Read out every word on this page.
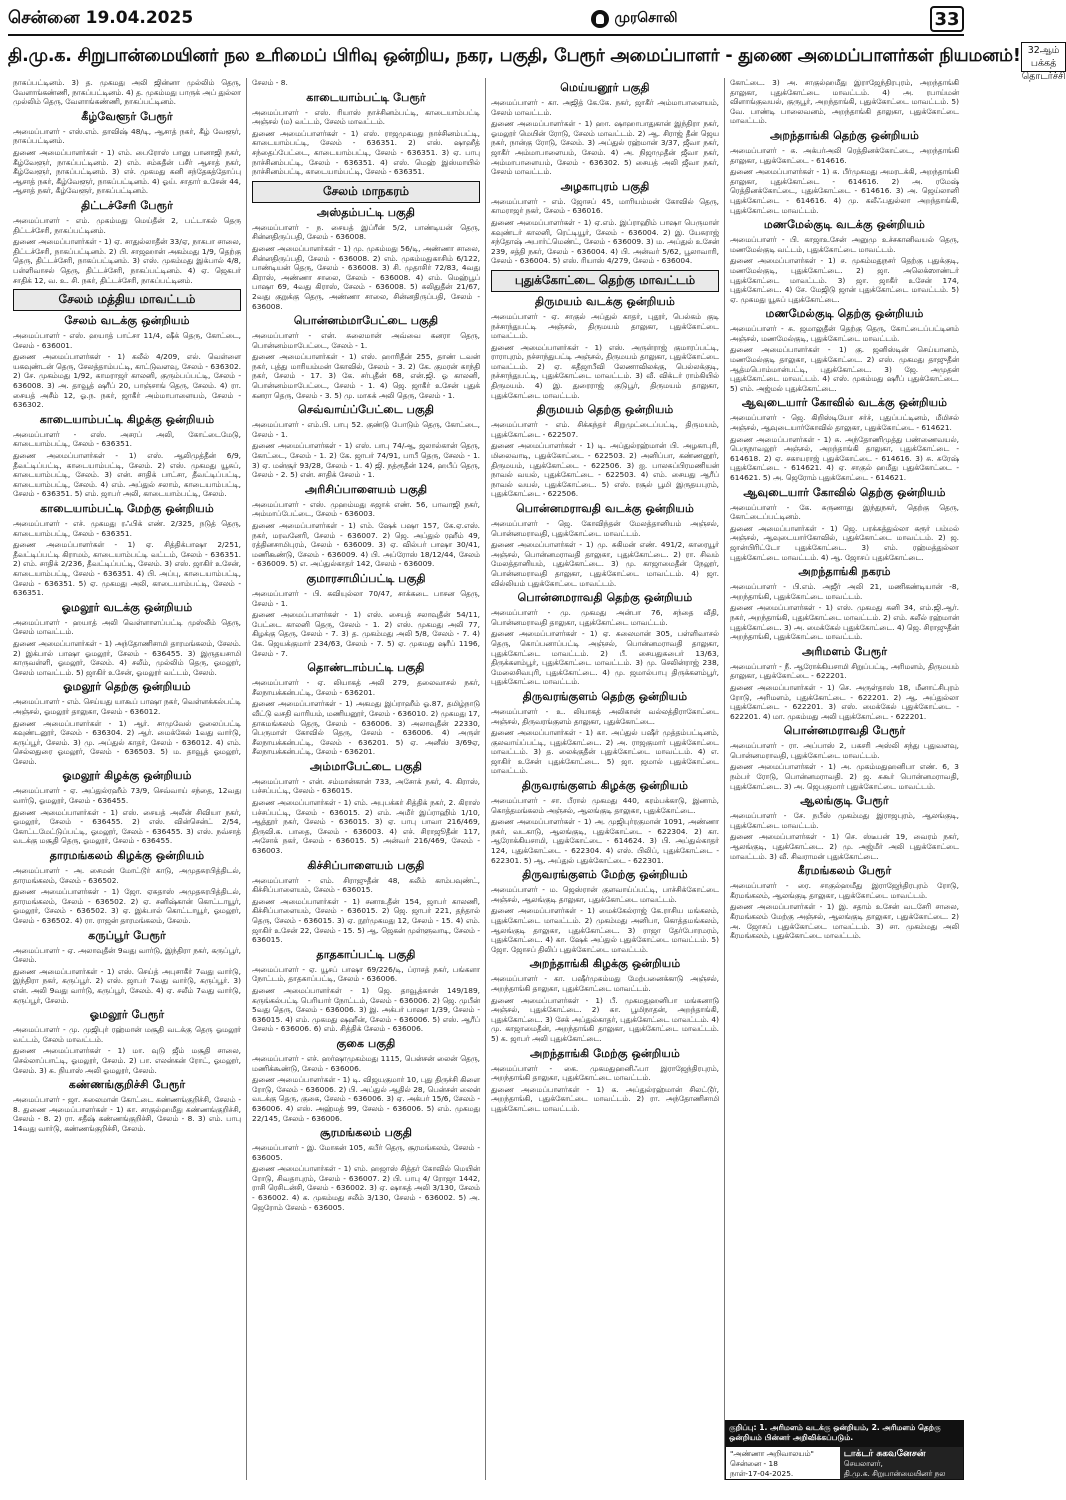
சென்னை 19.04.2025	முரசொலி	33
தி.மு.க. சிறுபான்மையினர் நல உரிமைப் பிரிவு ஒன்றிய, நகர, பகுதி, பேரூர் அமைப்பாளர் - துணை அமைப்பாளர்கள் நியமனம்! 32ஆம் பக்கத் தொடர்ச்சி
நாகப்பட்டினம். 3) த. முகமது அலி ஜின்னா முல்லிம் தெரு, வேளாங்கண்ணி, நாகப்பட்டினம். 4) த. முகம்மது பாருக் அப் துல்லா முல்லிம் தெரு, வேளாங்கண்ணி, நாகப்பட்டினம்.
கீழ்வேளூர் பேரூர்
அமைப்பாளர் - எஸ்.எம். தாவிஷ் 48/டி, ஆசாத் நகர், கீழ் வேளூர், நாகப்பட்டினம்.
துணை அமைப்பாளர்கள் - 1) எம். பைரோஸ் பானு பானாஜி நகர், கீழ்வேளூர், நாகப்பட்டினம். 2) எம். சம்சுதீன் பசீர் ஆசாத் நகர், கீழ்வேளூர், நாகப்பட்டினம். 3) எச். முகமது கனி சந்தேகத்தோப்பு ஆசாத் நகர், கீழ்வேளூர், நாகப்பட்டினம். 4) ஓய். சாதார் உசேன் 44, ஆசாத் நகர், கீழ்வேளூர், நாகப்பட்டினம்.
திட்டச்சேரி பேரூர்
அமைப்பாளர் - எம். முகம்மது மெய்தீன் 2, பட்டாகல் தெரு திட்டச்சேரி, நாகப்பட்டினம்.
துணை அமைப்பாளர்கள் - 1) ஏ. சாதுல்லாதீன் 33/ஏ, நாகபா சாலை, திட்டச்சேரி, நாகப்பட்டினம். 2) பி. சாஜஹான் அகம்மது 1/9, தெற்கு தெரு, திட்டச்சேரி, நாகப்பட்டினம். 3) எஸ். முகம்மது இக்பால் 4/8, பள்ளிவாசல் தெரு, திட்டச்சேரி, நாகப்பட்டினம். 4) ஏ. ஜெகபர் சாதிக் 12, வ. உ. சி. நகர், திட்டச்சேரி, நாகப்பட்டினம்.
சேலம் மத்திய மாவட்டம்
சேலம் வடக்கு ஒன்றியம்
அமைப்பாளர் - எஸ். ஹயாத் பாட்சா 11/4, ஷீக் தெரு, கோட்டை, சேலம் - 636001.
துணை அமைப்பாளர்கள் - 1) கலீல் 4/209, எல். வெள்ளை யகவுண்டன் தெரு, சேலத்தாம்பட்டி, காட்டுவளவு, சேலம் - 636302. 2) சே. முகம்மது 1/92, காமராஜர் காலனி, குரும்பப்பட்டி, சேலம் - 636008. 3) அ. தாவூத் ஷரீப் 20, பாஞ்சாங் தெரு, சேலம். 4) ரா. சையத் அசீம் 12, ஓ.ந. நகர், ஜாகீர் அம்மாபாளையம், சேலம் - 636302.
காடையாம்பட்டி கிழக்கு ஒன்றியம்
அமைப்பாளர் - எஸ். அசரப் அலி, கோட்டைமேடு, காடையாம்பட்டி, சேலம் - 636351.
துணை அமைப்பாளர்கள் - 1) எஸ். ஆலிமுத்தீன் 6/9, தீவட்டிப்பட்டி, காடையாம்பட்டி, சேலம். 2) எஸ். முகமது யூசுப், காடையாம்பட்டி, சேலம். 3) என். சாதிக் பாட்சா, தீவட்டிப்பட்டி, காடையாம்பட்டி, சேலம். 4) எம். அப்துல் சலாம், காடையாம்பட்டி, சேலம் - 636351. 5) எம். ஜாபர் அலி, காடையாம்பட்டி, சேலம்.
காடையாம்பட்டி மேற்கு ஒன்றியம்
அமைப்பாளர் - எச். முகமது ரஃபிக் எண். 2/325, நடுத் தெரு, காடையாம்பட்டி, சேலம் - 636351.
துணை அமைப்பாளர்கள் - 1) ஏ. சித்திக்பாஷா 2/251, தீவட்டிப்பட்டி கிராமம், காடையாம்பட்டி வட்டம், சேலம் - 636351. 2) எம். சாதிக் 2/236, தீவட்டிப்பட்டி, சேலம். 3) எஸ். ஜாகிர் உசேன், காடையாம்பட்டி, சேலம் - 636351. 4) பி. அப்பு, காடையாம்பட்டி, சேலம் - 636351. 5) ஏ. முகமது அலி, காடையாம்பட்டி, சேலம் - 636351.
ஓமலூர் வடக்கு ஒன்றியம்
அமைப்பாளர் - ஹயாத் அலி வெள்ளாளப்பட்டி முஸ்லீம் தெரு, சேலம் மாவட்டம்.
துணை அமைப்பாளர்கள் - 1) அந்தோணிசாமி தாரமங்கலம், சேலம். 2) இக்பால் பாஷா ஓமலூர், சேலம் - 636455. 3) இருதயசாமி காருவள்ளி, ஓமலூர், சேலம். 4) சலீம், முல்லிம் தெரு, ஓமலூர், சேலம் மாவட்டம். 5) ஜாகிர் உசேன், ஓமலூர் வட்டம், சேலம்.
ஓமலூர் தெற்கு ஒன்றியம்
அமைப்பாளர் - எம். செய்யது யாகூப் பாஷா நகர், வெள்ளக்கல்பட்டி அஞ்சல், ஓமலூர் தாலுகா, சேலம் - 636012.
துணை அமைப்பாளர்கள் - 1) ஆர். சாமுவேல் ஓலைப்பட்டி கவுண்டனூர், சேலம் - 636304. 2) ஆர். மைக்கேல் 1வது வார்டு, கருப்பூர், சேலம். 3) மு. அப்துல் காதர், சேலம் - 636012. 4) எம். செல்லதுரை ஓமலூர், சேலம் - 636503. 5) ம. தாவூத் ஓமலூர், சேலம்.
ஓமலூர் கிழக்கு ஒன்றியம்
அமைப்பாளர் - ஏ. அப்துல்ரஹீம் 73/9, செவ்வாய் சந்தை, 12வது வார்டு, ஓமலூர், சேலம் - 636455.
துணை அமைப்பாளர்கள் - 1) எஸ். சையத் அலீன் சிவியா நகர், ஓமலூர், சேலம் - 636455. 2) எஸ். வின்சென்ட் 2/54, கோட்டமேட்டுப்பட்டி, ஓமலூர், சேலம் - 636455. 3) எஸ். நவ்சாத் வடக்கு மசூதி தெரு, ஓமலூர், சேலம் - 636455.
தாரமங்கலம் கிழக்கு ஒன்றியம்
அமைப்பாளர் - அ. சைமன் மோட்டூர் காடு, அமுதசுரபித்திடல், தாரமங்கலம், சேலம் - 636502.
துணை அமைப்பாளர்கள் - 1) ஜோ. ஏசுதாஸ் அமுதசுரபித்திடல், தாரமங்கலம், சேலம் - 636502. 2) ஏ. சனிஷ்கான் கொட்டாயூர், ஓமலூர், சேலம் - 636502. 3) ஏ. இக்பால் கொட்டாயூர், ஓமலூர், சேலம் - 636502. 4) ரா. ராஜன் தாரமங்கலம், சேலம்.
கருப்பூர் பேரூர்
அமைப்பாளர் - ஏ. அலாவுதீன் 9வது வார்டு, இந்திரா நகர், கருப்பூர், சேலம்.
துணை அமைப்பாளர்கள் - 1) எஸ். செய்த் அபுசாகீர் 7வது வார்டு, இந்திரா நகர், கருப்பூர். 2) எஸ். ஜாபர் 7வது வார்டு, கருப்பூர். 3) என். அலி 9வது வார்டு, கருப்பூர், சேலம். 4) ஏ. சலீம் 7வது வார்டு, கருப்பூர், சேலம்.
ஓமலூர் பேரூர்
அமைப்பாளர் - மு. முஜிபுர் ரஹ்மான் மசூதி வடக்கு தெரு ஓமலூர் வட்டம், சேலம் மாவட்டம்.
துணை அமைப்பாளர்கள் - 1) மா. வுடு ஜீம் மசூதி சாலை, செல்லாப்பாட்டி, ஓமலூர், சேலம். 2) பா. எலன்கன் ரோட், ஓமலூர், சேலம். 3) சு. நியாஸ் அலி ஓமலூர், சேலம்.
கண்ணங்குறிச்சி பேரூர்
அமைப்பாளர் - ஜா. சுலைமான் கோட்டை கண்ணங்குறிச்சி, சேலம் - 8. துணை அமைப்பாளர்கள் - 1) கா. சாகுல்ஹமீது கண்ணங்குறிச்சி, சேலம் - 8. 2) ரா. சதீஷ் கண்ணங்குறிச்சி, சேலம் - 8. 3) எம். பாபு 14வது வார்டு, கண்ணங்குறிச்சி, சேலம்.
சேலம் - 8.
காடையாம்பட்டி பேரூர்
அமைப்பாளர் - எஸ். ரியாஸ் நாச்சினம்பட்டி, காடையாம்பட்டி அஞ்சல் (ம) வட்டம், சேலம் மாவட்டம்.
துணை அமைப்பாளர்கள் - 1) எஸ். ராஜமுகமது நாச்சினம்பட்டி, காடையாம்பட்டி, சேலம் - 636351. 2) எஸ். ஷாஹீத் சந்தைப்பேட்டை, காடையாம்பட்டி, சேலம் - 636351. 3) ஏ. பாபு நாச்சினம்பட்டி, சேலம் - 636351. 4) எஸ். மெஹ் இஸ்மாயில் நாச்சினம்பட்டி, காடையாம்பட்டி, சேலம் - 636351.
சேலம் மாநகரம்
அஸ்தம்பட்டி பகுதி
அமைப்பாளர் - ந. சையத் இப்ரீன் 5/2, பாண்டியன் தெரு, சின்னதிருப்பதி, சேலம் - 636008.
துணை அமைப்பாளர்கள் - 1) மு. முகம்மது 56/டி, அண்ணா சாலை, சின்னதிருப்பதி, சேலம் - 636008. 2) எம். முகம்மதுகாசிம் 6/122, பாண்டியன் தெரு, சேலம் - 636008. 3) சி. முதாசிர் 72/83, 4வது கிராஸ், அண்ணா சாலை, சேலம் - 636008. 4) எம். மெஹ்பூப் பாஷா 69, 4வது கிராஸ், சேலம் - 636008. 5) சுலிதுதீன் 21/67, 2வது குறுக்கு தெரு, அண்ணா சாலை, சின்னதிருப்பதி, சேலம் - 636008.
பொன்னம்மாபேட்டை பகுதி
அமைப்பாளர் - என். சுலைமான் அவ்வை கனரா தெரு, பொன்னம்மாபேட்டை, சேலம் - 1.
துணை அமைப்பாளர்கள் - 1) எஸ். ஹாரிதீன் 255, தாண் டவன் நகர், புத்து மாரியம்மன் கோவில், சேலம் - 3. 2) கே. குமரன் காந்தி நகர், சேலம் - 17. 3) கே. சர்புதீன் 68, என்.ஜி. ஓ காலனி, பொன்னம்மாபேட்டை, சேலம் - 1. 4) ஜெ. ஜாகீர் உசேன் புதுக் கனரா தெரு, சேலம் - 3. 5) மு. மாசுக் அலி தெரு, சேலம் - 1.
செவ்வாய்ப்பேட்டை பகுதி
அமைப்பாளர் - எம்.பி. பாபு 52. குண்டு போடும் தெரு, கோட்டை, சேலம் - 1.
துணை அமைப்பாளர்கள் - 1) எஸ். பாபு 74/ஆ, ஜலால்கான் தெரு, கோட்டை, சேலம் - 1. 2) கே. ஜாபர் 74/91, பாபீ தெரு, சேலம் - 1. 3) ஏ. மன்சூர் 93/28, சேலம் - 1. 4) ஜி. நத்ரூதீன் 124, ஹபீப் தெரு, சேலம் - 2. 5) என். சாதிக் சேலம் - 1.
அரிசிப்பாளையம் பகுதி
அமைப்பாளர் - எஸ். முஹம்மது சுஜாக் எண். 56, பாவாஜி நகர், அம்மாப்பேட்டை, சேலம் - 636003.
துணை அமைப்பாளர்கள் - 1) எம். ஷேக் பஷா 157, கே.ஏ.எஸ். நகர், மரவனேரி, சேலம் - 636007. 2) ஜெ. அப்துல் ரஹீம் 49, ரத்தினசாமிபுரம், சேலம் - 636009. 3) ஏ. வில்பர் பாஷா 30/41, மணிகூண்டு, சேலம் - 636009. 4) பி. அப்ரோஸ் 18/12/44, சேலம் - 636009. 5) எ. அப்துல்காதர் 142, சேலம் - 636009.
குமாரசாமிப்பட்டி பகுதி
அமைப்பாளர் - பி. கவியுல்லா 70/47, சாக்கடை பாசன தெரு, சேலம் - 1.
துணை அமைப்பாளர்கள் - 1) எஸ். சையத் சலாவுதீன் 54/11, பேட்டை காலனி தெரு, சேலம் - 1. 2) எஸ். முகமது அலி 77, கிழக்கு தெரு, சேலம் - 7. 3) த. முகம்மது அலி 5/8, சேலம் - 7. 4) கே. ஜெயக்குமார் 234/63, சேலம் - 7. 5) ஏ. முகமது ஷரீப் 1196, சேலம் - 7.
தொண்டாம்பட்டி பகுதி
அமைப்பாளர் - ஏ. லியாகத் அலி 279, தலைவாசல் நகர், சீலநாயக்கன்பட்டி, சேலம் - 636201.
துணை அமைப்பாளர்கள் - 1) அகமது இப்ராஹீம் ஓ.87, தமிழ்நாடு வீட்டு வசதி வாரியம், மணியனூர், சேலம் - 636010. 2) முகமது 17, தாகமங்கலம் தெரு, சேலம் - 636006. 3) அலாவுதீன் 22330, பெருமாள் கோவில் தெரு, சேலம் - 636006. 4) அருள் சீலநாயக்கன்பட்டி, சேலம் - 636201. 5) ஏ. அனீஸ் 3/69ஏ, சீலநாயக்கன்பட்டி, சேலம் - 636201.
அம்மாபேட்டை பகுதி
அமைப்பாளர் - என். சம்மான்கான் 733, அசோக் நகர், 4. கிராஸ், பச்சப்பட்டி, சேலம் - 636015.
துணை அமைப்பாளர்கள் - 1) எம். அபுபக்கர் சித்திக் நகர், 2. கிராஸ் பச்சப்பட்டி, சேலம் - 636015. 2) எம். அமீர் இப்ராஹிம் 1/10, ஆத்தூர் நகர், சேலம் - 636015. 3) ஏ. பாபு பாவா 216/469, திருவி.க. பாதை, சேலம் - 636003. 4) எச். சிராஜூதீன் 117, அசோக் நகர், சேலம் - 636015. 5) அன்வர் 216/469, சேலம் - 636003.
கிச்சிப்பாளையம் பகுதி
அமைப்பாளர் - எம். சிராஜுதீன் 48, கலீம் காம்பவுண்ட், கிச்சிப்பாளையம், சேலம் - 636015.
துணை அமைப்பாளர்கள் - 1) சனாஉதீன் 154, ஜாபர் காலணி, கிச்சிப்பாளையம், சேலம் - 636015. 2) ஜெ. ஜாபர் 221, தந்தால் தெரு, சேலம் - 636015. 3) ஏ. நூர்முகமது 12, சேலம் - 15. 4) எம். ஜாகிர் உசேன் 22, சேலம் - 15. 5) ஆ. ஜெகன் முள்ளுவாடி, சேலம் - 636015.
தாதகாப்பட்டி பகுதி
அமைப்பாளர் - ஏ. யூசப் பாஷா 69/226/டி, ப்ராசத் நகர், பங்களா நோட்டம், தாதகாப்பட்டி, சேலம் - 636006.
துணை அமைப்பாளர்கள் - 1) ஜெ. தாவூத்கான் 149/189, கருங்கல்பட்டி பெரியார் நோட்டம், சேலம் - 636006. 2) ஜெ. முபீன் 5வது தெரு, சேலம் - 636006. 3) இ. அக்பர் பாஷா 1/39, சேலம் - 636015. 4) எம். முகமது ஷஹீன், சேலம் - 636006. 5) எஸ். ஆரீப் சேலம் - 636006. 6) எம். சித்திக் சேலம் - 636006.
குகை பகுதி
அமைப்பாளர் - எச். ஹர்ஷாமுகம்மது 1115, பென்சன் லைன் தெரு, மணிக்கூண்டு, சேலம் - 636006.
துணை அமைப்பாளர்கள் - 1) டி. விஜயகுமார் 10, புது திருச்சி கிளை ரோடு, சேலம் - 636006. 2) பி. அப்துல் ஆதில் 28, பென்சன் லைன் வடக்கு தெரு, குகை, சேலம் - 636006. 3) ஏ. அக்பர் 15/6, சேலம் - 636006. 4) எஸ். அஹ்மத் 99, சேலம் - 636006. 5) எம். முகமது 22/145, சேலம் - 636006.
சூரமங்கலம் பகுதி
அமைப்பாளர் - இ. மோகன் 105, கபீர் தெரு, சூரமங்கலம், சேலம் - 636005.
துணை அமைப்பாளர்கள் - 1) எம். ஹஜாஸ் சித்தர் கோவில் மெயின் ரோடு, சிவதாபுரம், சேலம் - 636007. 2) பி. பாபு 4/ ரோஜா 1442, ராசி ரெசிடன்சி, சேலம் - 636002. 3) ஏ. ஷாகத் அலி 3/130, சேலம் - 636002. 4) க. முகம்மது சலீம் 3/130, சேலம் - 636002. 5) அ. ஜெரோம் சேலம் - 636005.
மெய்யனூர் பகுதி
அமைப்பாளர் - கா. அஜித் கே.கே. நகர், ஜாகீர் அம்மாபாளையம், சேலம் மாவட்டம்.
துணை அமைப்பாளர்கள் - 1) ஹா. ஷாஹாபாதுகான் இந்திரா நகர், ஓமலூர் மெயின் ரோடு, சேலம் மாவட்டம். 2) ஆ. சிராஜ் தீன் ஜெய நகர், நான்கு ரோடு, சேலம். 3) அப்துல் ரஹ்மான் 3/37, ஜீவா நகர், ஜாகீர் அம்மாபாளையம், சேலம். 4) அ. நிஜாமுதீன் ஜீவா நகர், அம்மாபாளையம், சேலம் - 636302. 5) சையத் அலி ஜீவா நகர், சேலம் மாவட்டம்.
அழகாபுரம் பகுதி
அமைப்பாளர் - எம். ஜோசப் 45, மாரியம்மன் கோவில் தெரு, காமராஜர் நகர், சேலம் - 636016.
துணை அமைப்பாளர்கள் - 1) ஏ.எம். இப்ராஹிம் பாஷா பெருமாள் கவுண்டர் காலனி, ரெட்டியூர், சேலம் - 636004. 2) இ. யேசுராஜ் சந்தோஷ் அபார்ட்மெண்ட், சேலம் - 636009. 3) ம. அப்துல் உசேன் 239, சத்தி நகர், சேலம் - 636004. 4) பி. அன்வர் 5/62, பூலாவாரி, சேலம் - 636004. 5) எஸ். ரியாஸ் 4/279, சேலம் - 636004.
புதுக்கோட்டை தெற்கு மாவட்டம்
திருமயம் வடக்கு ஒன்றியம்
அமைப்பாளர் - ஏ. சாகுல் அப்துல் காதர், புதூர், பெல்கம் குடி நச்சாந்துபட்டி அஞ்சல், திருமயம் தாலுகா, புதுக்கோட்டை மாவட்டம்.
துணை அமைப்பாளர்கள் - 1) எஸ். அருள்ராஜ் குமாரப்பட்டி, ராராபுரம், நச்சாந்துபட்டி அஞ்சல், திருமயம் தாலுகா, புதுக்கோட்டை மாவட்டம். 2) ஏ. கதீஜாபீவி லேணாவிலக்கு, பெல்லக்குடி, நச்சாந்துபட்டி, புதுக்கோட்டை மாவட்டம். 3) வீ. விக்டர் ராம்கியில் திருமயம். 4) இ. துரைராஜ் குடுபூர், திருமயம் தாலுகா, புதுக்கோட்டை மாவட்டம்.
திருமயம் தெற்கு ஒன்றியம்
அமைப்பாளர் - எம். சிக்கந்தர் சிறுமுட்டைப்பட்டி, திருமயம், புதுக்கோட்டை - 622507.
துணை அமைப்பாளர்கள் - 1) டி. அப்துல்ரஹ்மான் பி. அழகாபுரி, மிலைவாடி, புதுக்கோட்டை - 622503. 2) அனிப்பா, கண்ணனூர், திருமயம், புதுக்கோட்டை - 622506. 3) ஐ. பாலசுப்பிரமணியன் நாவல் வயல், புதுக்கோட்டை - 622503. 4) எம். சையது ஆரீப் நாவல் வயல், புதுக்கோட்டை. 5) எஸ். ரசூல் பூமி இருதயபுரம், புதுக்கோட்டை - 622506.
பொன்னமராவதி வடக்கு ஒன்றியம்
அமைப்பாளர் - ஜெ. கோவிந்தன் மேலத்தானியம் அஞ்சல், பொன்னமராவதி, புதுக்கோட்டை மாவட்டம்.
துணை அமைப்பாளர்கள் - 1) மு. சுகிமன் எண். 491/2, காரையூர் அஞ்சல், பொன்னமராவதி தாலுகா, புதுக்கோட்டை. 2) ரா. சிவம் மேலத்தானியம், புதுக்கோட்டை. 3) மு. காஜாமைதீன் நேலூர், பொன்னமராவதி தாலுகா, புதுக்கோட்டை மாவட்டம். 4) ஜா. வில்லியம் புதுக்கோட்டை மாவட்டம்.
பொன்னமராவதி தெற்கு ஒன்றியம்
அமைப்பாளர் - மு. முகமது அன்பா 76, சந்தை வீதி, பொன்னமராவதி தாலுகா, புதுக்கோட்டை மாவட்டம்.
துணை அமைப்பாளர்கள் - 1) ஏ. சுலைமான் 305, பள்ளிவாசல் தெரு, கொப்பனாப்பட்டி அஞ்சல், பொன்னமராவதி தாலுகா, புதுக்கோட்டை மாவட்டம். 2) பீ. சையதுசுபைர் 13/63, திருக்களம்பூர், புதுக்கோட்டை மாவட்டம். 3) மு. செலின்ராஜ் 238, மேலைசிவபுரி, புதுக்கோட்டை. 4) மு. ஜமால்பாபு திருக்களம்பூர், புதுக்கோட்டை மாவட்டம்.
திருவரங்குளம் தெற்கு ஒன்றியம்
அமைப்பாளர் - உ. லியாகத் அலிகான் வல்லத்திராகோட்டை அஞ்சல், திருவரங்குளம் தாலுகா, புதுக்கோட்டை.
துணை அமைப்பாளர்கள் - 1) கா. அப்துல் பஷீர் முத்தம்பட்டினம், குலவாய்ப்பட்டி, புதுக்கோட்டை. 2) அ. ராஜகுமார் புதுக்கோட்டை மாவட்டம். 3) த. லைக்குதீன் புதுக்கோட்டை மாவட்டம். 4) எ. ஜாகிர் உசேன் புதுக்கோட்டை. 5) ஜா. ஜமால் புதுக்கோட்டை மாவட்டம்.
திருவரங்குளம் கிழக்கு ஒன்றியம்
அமைப்பாளர் - சா. பீரால் முகமது 440, கரம்பக்காடு, இனாம், கொத்தமங்கலம் அஞ்சல், ஆலங்குடி தாலுகா, புதுக்கோட்டை.
துணை அமைப்பாளர்கள் - 1) அ. முஜிபுர்ரகுமான் 1091, அண்ணா நகர், வடகாடு, ஆலங்குடி, புதுக்கோட்டை - 622304. 2) கா. ஆரோக்கியசாமி, புதுக்கோட்டை - 614624. 3) பி. அப்துல்காதர் 124, புதுக்கோட்டை - 622304. 4) எஸ். பிலிப், புதுக்கோட்டை - 622301. 5) ஆ. அப்துல் புதுக்கோட்டை - 622301.
திருவரங்குளம் மேற்கு ஒன்றியம்
அமைப்பாளர் - ம. ஜெஸ்ரான் குளவாய்ப்பட்டி, பாச்சிக்கோட்டை அஞ்சல், ஆலங்குடி தாலுகா, புதுக்கோட்டை மாவட்டம்.
துணை அமைப்பாளர்கள் - 1) மைக்கேல்ராஜ் கே.ராசிய மங்கலம், புதுக்கோட்டை மாவட்டம். 2) முகம்மது அனிபா, கொத்தமங்கலம், ஆலங்குடி தாலுகா, புதுக்கோட்டை. 3) ராஜா தேர்போரமரம், புதுக்கோட்டை. 4) கா. ஷேக் அப்துல் புதுக்கோட்டை மாவட்டம். 5) ஜோ. ஜோசப் திலிப் புதுக்கோட்டை மாவட்டம்.
அறந்தாங்கி கிழக்கு ஒன்றியம்
அமைப்பாளர் - கா. பஷீர்முகம்மது மேற்பனைக்காடு அஞ்சல், அறந்தாங்கி தாலுகா, புதுக்கோட்டை மாவட்டம்.
துணை அமைப்பாளர்கள் - 1) பீ. முகமதுஹனிபா மங்கனாடு அஞ்சல், புதுக்கோட்டை. 2) கா. பூமிநாதன், அறந்தாங்கி, புதுக்கோட்டை. 3) சேக் அப்துல்காதர், புதுக்கோட்டை மாவட்டம். 4) மு. காஜாமைதீன், அறந்தாங்கி தாலுகா, புதுக்கோட்டை மாவட்டம். 5) க. ஜாபர் அலி புதுக்கோட்டை.
அறந்தாங்கி மேற்கு ஒன்றியம்
அமைப்பாளர் - கை. முகமதுஹனிஃபா இராஜேந்திரபுரம், அறந்தாங்கி தாலுகா, புதுக்கோட்டை மாவட்டம்.
துணை அமைப்பாளர்கள் - 1) க. அப்துல்ரஹ்மான் சிலட்டூர், அறந்தாங்கி, புதுக்கோட்டை மாவட்டம். 2) ரா. அந்தோணிசாமி புதுக்கோட்டை மாவட்டம்.
கோட்டை. 3) அ. சாகுல்ஹமீது இராஜேந்திரபுரம், அறந்தாங்கி தாலுகா, புதுக்கோட்டை மாவட்டம். 4) அ. ரபாய்மன் விளாங்குவயல், குருபூர், அறந்தாங்கி, புதுக்கோட்டை மாவட்டம். 5) வே. பாண்டி பாலைவனம், அறந்தாங்கி தாலுகா, புதுக்கோட்டை மாவட்டம்.
அறந்தாங்கி தெற்கு ஒன்றியம்
அமைப்பாளர் - சு. அக்பர்அலி ரெத்தினக்கோட்டை, அறந்தாங்கி தாலுகா, புதுக்கோட்டை - 614616.
துணை அமைப்பாளர்கள் - 1) க. பீர்முகமது அமரடக்கி, அறந்தாங்கி தாலுகா, புதுக்கோட்டை - 614616. 2) அ. ரமேஷ் ரெத்தினக்கோட்டை, புதுக்கோட்டை - 614616. 3) அ. ஜெய்லானி புதுக்கோட்டை - 614616. 4) மு. கலீஃபதுல்லா அறந்தாங்கி, புதுக்கோட்டை மாவட்டம்.
மணமேல்குடி வடக்கு ஒன்றியம்
அமைப்பாளர் - பி. காஜாஉசேன் அனுமு உச்சகானிவயல் தெரு, மணமேல்குடி வட்டம், புதுக்கோட்டை மாவட்டம்.
துணை அமைப்பாளர்கள் - 1) ச. முகம்மதுநசர் தெற்கு புதுக்குடி, மணமேல்குடி, புதுக்கோட்டை. 2) ஜா. அலெக்ஸாண்டர் புதுக்கோட்டை மாவட்டம். 3) ஜா. ஜாகீர் உசேன் 174, புதுக்கோட்டை. 4) சே. மேஜிடு ஜான் புதுக்கோட்டை மாவட்டம். 5) ஏ. முகமது யூசுப் புதுக்கோட்டை.
மணமேல்குடி தெற்கு ஒன்றியம்
அமைப்பாளர் - சு. ஜமாலுதீன் தெற்கு தெரு, கோட்டைப்பட்டினம் அஞ்சல், மணமேல்குடி, புதுக்கோட்டை மாவட்டம்.
துணை அமைப்பாளர்கள் - 1) கு. ஜனிஸ்டின் செய்யானம், மணமேல்குடி தாலுகா, புதுக்கோட்டை. 2) எஸ். முகமது தாஜுதீன் ஆத்மபொம்மான்பட்டி, புதுக்கோட்டை. 3) ஜே. அமுதன் புதுக்கோட்டை மாவட்டம். 4) எஸ். முகம்மது ஷரீப் புதுக்கோட்டை. 5) எம். அஜ்மல் புதுக்கோட்டை.
ஆவுடையார் கோவில் வடக்கு ஒன்றியம்
அமைப்பாளர் - ஜெ. கிறிஸ்டியோ சர்ச், புதுப்பட்டினம், மீமிசல் அஞ்சல், ஆவுடையார்கோவில் தாலுகா, புதுக்கோட்டை - 614621.
துணை அமைப்பாளர்கள் - 1) சு. அந்தோணிமுத்து பண்ணைவயல், பெருநாவலூர் அஞ்சல், அறந்தாங்கி தாலுகா, புதுக்கோட்டை - 614618. 2) ஏ. சகாயராஜ் புதுக்கோட்டை - 614616. 3) சு. சுரேஷ் புதுக்கோட்டை - 614621. 4) ஏ. சாகுல் ஹமீது புதுக்கோட்டை - 614621. 5) அ. ஜெரோம் புதுக்கோட்டை - 614621.
ஆவுடையார் கோவில் தெற்கு ஒன்றியம்
அமைப்பாளர் - கே. சுருணாது இந்துநகர், தெற்கு தெரு, கோட்டைப்பட்டினம்.
துணை அமைப்பாளர்கள் - 1) ஜெ. பரக்கத்துல்லா கரூர் பம்மல் அஞ்சல், ஆவுடையார்கோவில், புதுக்கோட்டை மாவட்டம். 2) ஜ. ஜான்பிரிட்டோ புதுக்கோட்டை. 3) எம். ரஹ்மத்துல்லா புதுக்கோட்டை மாவட்டம். 4) ஆ. ஜோசப் புதுக்கோட்டை.
அறந்தாங்கி நகரம்
அமைப்பாளர் - பி.எம். அஜீர் அலி 21, மணிகண்டியான் -8, அறந்தாங்கி, புதுக்கோட்டை மாவட்டம்.
துணை அமைப்பாளர்கள் - 1) எஸ். முகமது கனி 34, எம்.ஜி.ஆர். நகர், அறந்தாங்கி, புதுக்கோட்டை மாவட்டம். 2) எம். கலீல் ரஹ்மான் புதுக்கோட்டை. 3) அ. மைக்கேல் புதுக்கோட்டை. 4) ஜெ. சிராஜுதீன் அறந்தாங்கி, புதுக்கோட்டை மாவட்டம்.
அரிமளம் பேரூர்
அமைப்பாளர் - நீ. ஆரோக்கியசாமி சிறுப்பட்டி, அரிமளம், திருமயம் தாலுகா, புதுக்கோட்டை - 622201.
துணை அமைப்பாளர்கள் - 1) செ. அருள்தாஸ் 18, மீனாட்சிபுரம் ரோடு, அரிமளம், புதுக்கோட்டை - 622201. 2) ஆ. அப்துல்லா புதுக்கோட்டை - 622201. 3) எஸ். மைக்கேல் புதுக்கோட்டை - 622201. 4) மா. முகம்மது அலி புதுக்கோட்டை - 622201.
பொன்னமராவதி பேரூர்
அமைப்பாளர் - ரா. அப்பாஸ் 2, பகசரி அஸ்லி சந்து புதுவளவு, பொன்னமராவதி, புதுக்கோட்டை மாவட்டம்.
துணை அமைப்பாளர்கள் - 1) அ. முகம்மதுஹனிபா எண். 6, 3 நம்பர் ரோடு, பொன்னமராவதி. 2) ஜ. சுகூர் பொன்னமராவதி, புதுக்கோட்டை. 3) அ. ஜெபகுமார் புதுக்கோட்டை மாவட்டம்.
ஆலங்குடி பேரூர்
அமைப்பாளர் - சே. நபீஸ் முகம்மது இராஜபுரம், ஆலங்குடி, புதுக்கோட்டை மாவட்டம்.
துணை அமைப்பாளர்கள் - 1) செ. ஸ்டீபன் 19, வைரம் நகர், ஆலங்குடி, புதுக்கோட்டை. 2) மு. அஜ்மீர் அலி புதுக்கோட்டை மாவட்டம். 3) வீ. சிவராமன் புதுக்கோட்டை.
கீரமங்கலம் பேரூர்
அமைப்பாளர் - ரை. சாகுல்ஹமீது இராஜேந்திரபுரம் ரோடு, கீரமங்கலம், ஆலங்குடி தாலுகா, புதுக்கோட்டை மாவட்டம்.
துணை அமைப்பாளர்கள் - 1) இ. சதாம் உசேன் வடசேரி சாலை, கீரமங்கலம் மேற்கு அஞ்சல், ஆலங்குடி தாலுகா, புதுக்கோட்டை. 2) அ. ஜோசப் புதுக்கோட்டை மாவட்டம். 3) சா. முகம்மது அலி கீரமங்கலம், புதுக்கோட்டை மாவட்டம்.
குறிப்பு: 1. அரிமளம் வடக்கு ஒன்றியம், 2. அரிமளம் தெற்கு ஒன்றியம் பின்னர் அறிவிக்கப்படும்.
"அண்ணா அறிவாலயம்"
சென்னை - 18
நாள்-17-04-2025.
டாக்டர் சுகவனேசன்
செயலாளர்,
தி.மு.க. சிறுபான்மையினர் நல உரிமைப் பிரிவு
